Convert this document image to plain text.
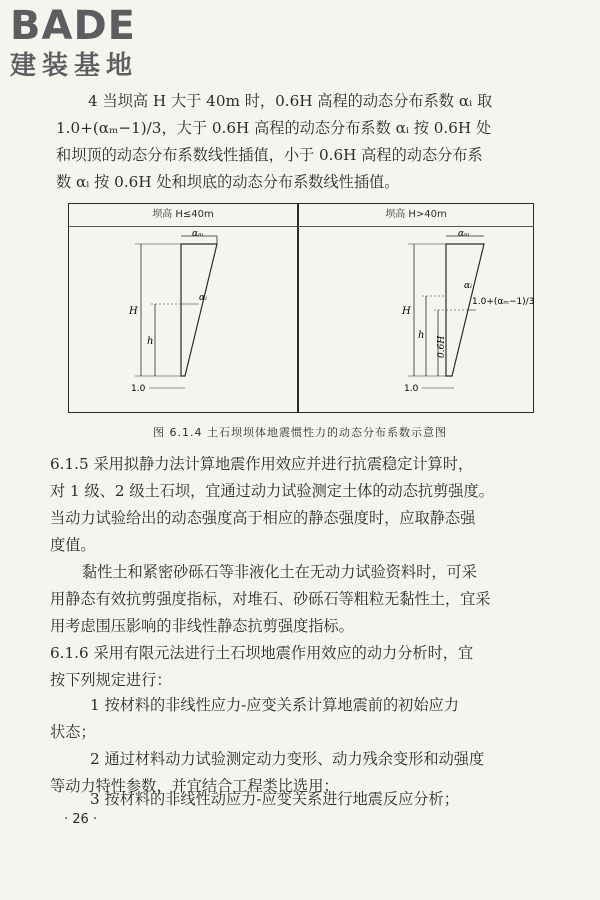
BADE
建装基地
4 当坝高 H 大于 40m 时，0.6H 高程的动态分布系数 αᵢ 取
1.0+(αₘ−1)/3，大于 0.6H 高程的动态分布系数 αᵢ 按 0.6H 处
和坝顶的动态分布系数线性插值，小于 0.6H 高程的动态分布系
数 αᵢ 按 0.6H 处和坝底的动态分布系数线性插值。
坝高 H≤40m
αₘ
αᵢ
H
h
1.0
坝高 H>40m
αₘ
αᵢ
1.0+(αₘ−1)/3
H
h
0.6H
1.0
图 6.1.4 土石坝坝体地震惯性力的动态分布系数示意图
6.1.5 采用拟静力法计算地震作用效应并进行抗震稳定计算时，
对 1 级、2 级土石坝，宜通过动力试验测定土体的动态抗剪强度。
当动力试验给出的动态强度高于相应的静态强度时，应取静态强
度值。
黏性土和紧密砂砾石等非液化土在无动力试验资料时，可采
用静态有效抗剪强度指标，对堆石、砂砾石等粗粒无黏性土，宜采
用考虑围压影响的非线性静态抗剪强度指标。
6.1.6 采用有限元法进行土石坝地震作用效应的动力分析时，宜
按下列规定进行：
1 按材料的非线性应力-应变关系计算地震前的初始应力
状态；
2 通过材料动力试验测定动力变形、动力残余变形和动强度
等动力特性参数，并宜结合工程类比选用；
3 按材料的非线性动应力-应变关系进行地震反应分析；
· 26 ·
